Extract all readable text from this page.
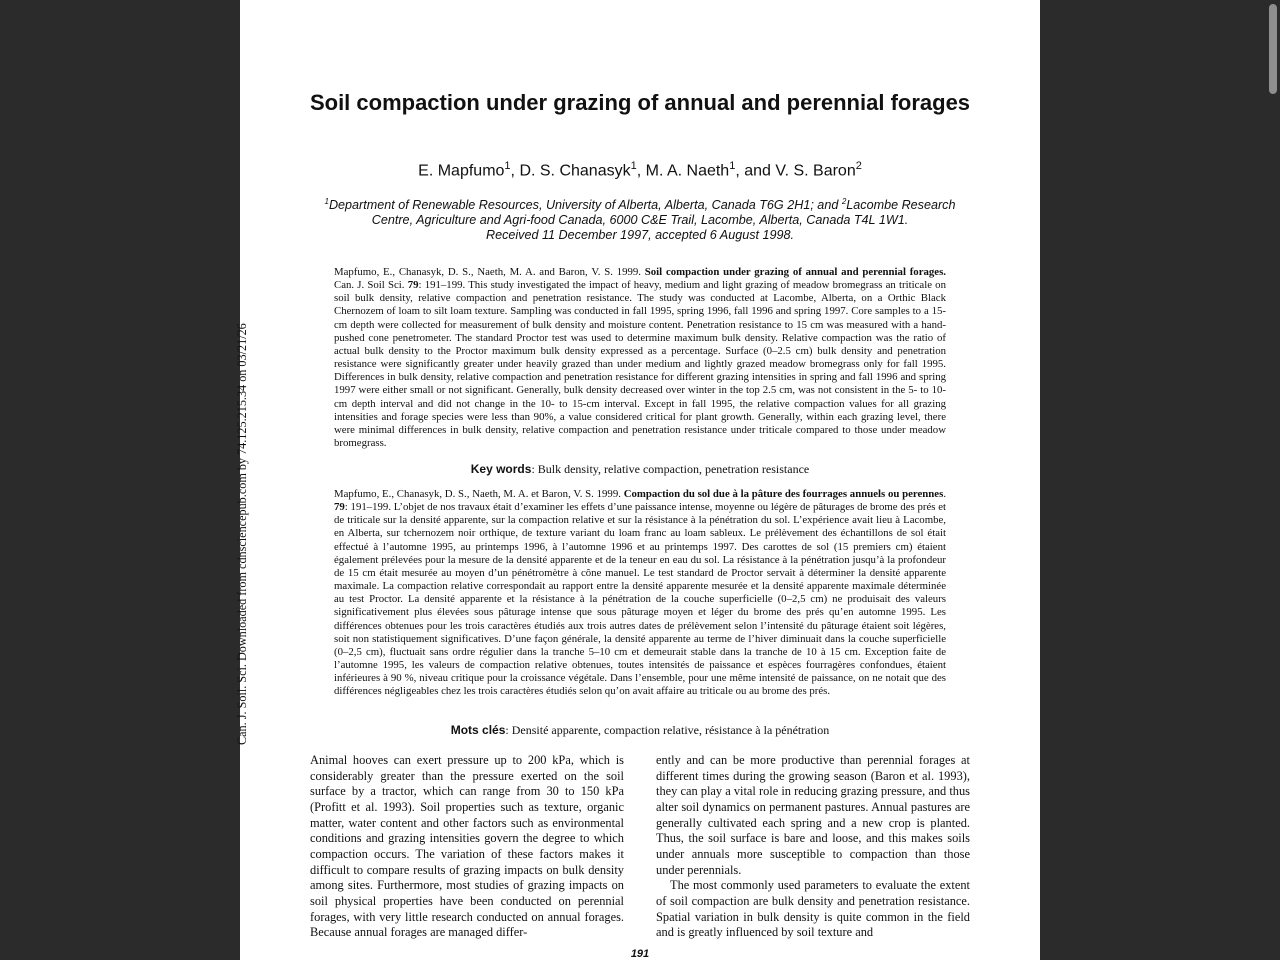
Can. J. Soil. Sci. Downloaded from cdnsciencepub.com by 74.125.215.34 on 03/21/26
Soil compaction under grazing of annual and perennial forages
E. Mapfumo$^1$, D. S. Chanasyk$^1$, M. A. Naeth$^1$, and V. S. Baron$^2$
$^1$Department of Renewable Resources, University of Alberta, Alberta, Canada T6G 2H1; and $^2$Lacombe Research Centre, Agriculture and Agri-food Canada, 6000 C&E Trail, Lacombe, Alberta, Canada T4L 1W1.
Received 11 December 1997, accepted 6 August 1998.
Mapfumo, E., Chanasyk, D. S., Naeth, M. A. and Baron, V. S. 1999. Soil compaction under grazing of annual and perennial forages. Can. J. Soil Sci. 79: 191–199. This study investigated the impact of heavy, medium and light grazing of meadow bromegrass an triticale on soil bulk density, relative compaction and penetration resistance. The study was conducted at Lacombe, Alberta, on a Orthic Black Chernozem of loam to silt loam texture. Sampling was conducted in fall 1995, spring 1996, fall 1996 and spring 1997. Core samples to a 15-cm depth were collected for measurement of bulk density and moisture content. Penetration resistance to 15 cm was measured with a hand-pushed cone penetrometer. The standard Proctor test was used to determine maximum bulk density. Relative compaction was the ratio of actual bulk density to the Proctor maximum bulk density expressed as a percentage. Surface (0–2.5 cm) bulk density and penetration resistance were significantly greater under heavily grazed than under medium and lightly grazed meadow bromegrass only for fall 1995. Differences in bulk density, relative compaction and penetration resistance for different grazing intensities in spring and fall 1996 and spring 1997 were either small or not significant. Generally, bulk density decreased over winter in the top 2.5 cm, was not consistent in the 5- to 10-cm depth interval and did not change in the 10- to 15-cm interval. Except in fall 1995, the relative compaction values for all grazing intensities and forage species were less than 90%, a value considered critical for plant growth. Generally, within each grazing level, there were minimal differences in bulk density, relative compaction and penetration resistance under triticale compared to those under meadow bromegrass.
Key words: Bulk density, relative compaction, penetration resistance
Mapfumo, E., Chanasyk, D. S., Naeth, M. A. et Baron, V. S. 1999. Compaction du sol due à la pâture des fourrages annuels ou perennes. 79: 191–199. L’objet de nos travaux était d’examiner les effets d’une paissance intense, moyenne ou légère de pâturages de brome des prés et de triticale sur la densité apparente, sur la compaction relative et sur la résistance à la pénétration du sol. L’expérience avait lieu à Lacombe, en Alberta, sur tchernozem noir orthique, de texture variant du loam franc au loam sableux. Le prélèvement des échantillons de sol était effectué à l’automne 1995, au printemps 1996, à l’automne 1996 et au printemps 1997. Des carottes de sol (15 premiers cm) étaient également prélevées pour la mesure de la densité apparente et de la teneur en eau du sol. La résistance à la pénétration jusqu’à la profondeur de 15 cm était mesurée au moyen d’un pénétromètre à cône manuel. Le test standard de Proctor servait à déterminer la densité apparente maximale. La compaction relative correspondait au rapport entre la densité apparente mesurée et la densité apparente maximale déterminée au test Proctor. La densité apparente et la résistance à la pénétration de la couche superficielle (0–2,5 cm) ne produisait des valeurs significativement plus élevées sous pâturage intense que sous pâturage moyen et léger du brome des prés qu’en automne 1995. Les différences obtenues pour les trois caractères étudiés aux trois autres dates de prélèvement selon l’intensité du pâturage étaient soit légères, soit non statistiquement significatives. D’une façon générale, la densité apparente au terme de l’hiver diminuait dans la couche superficielle (0–2,5 cm), fluctuait sans ordre régulier dans la tranche 5–10 cm et demeurait stable dans la tranche de 10 à 15 cm. Exception faite de l’automne 1995, les valeurs de compaction relative obtenues, toutes intensités de paissance et espèces fourragères confondues, étaient inférieures à 90 %, niveau critique pour la croissance végétale. Dans l’ensemble, pour une même intensité de paissance, on ne notait que des différences négligeables chez les trois caractères étudiés selon qu’on avait affaire au triticale ou au brome des prés.
Mots clés: Densité apparente, compaction relative, résistance à la pénétration

Animal hooves can exert pressure up to 200 kPa, which is considerably greater than the pressure exerted on the soil surface by a tractor, which can range from 30 to 150 kPa (Profitt et al. 1993). Soil properties such as texture, organic matter, water content and other factors such as environmental conditions and grazing intensities govern the degree to which compaction occurs. The variation of these factors makes it difficult to compare results of grazing impacts on bulk density among sites. Furthermore, most studies of grazing impacts on soil physical properties have been conducted on perennial forages, with very little research conducted on annual forages. Because annual forages are managed differ-

ently and can be more productive than perennial forages at different times during the growing season (Baron et al. 1993), they can play a vital role in reducing grazing pressure, and thus alter soil dynamics on permanent pastures. Annual pastures are generally cultivated each spring and a new crop is planted. Thus, the soil surface is bare and loose, and this makes soils under annuals more susceptible to compaction than those under perennials.

The most commonly used parameters to evaluate the extent of soil compaction are bulk density and penetration resistance. Spatial variation in bulk density is quite common in the field and is greatly influenced by soil texture and

191
